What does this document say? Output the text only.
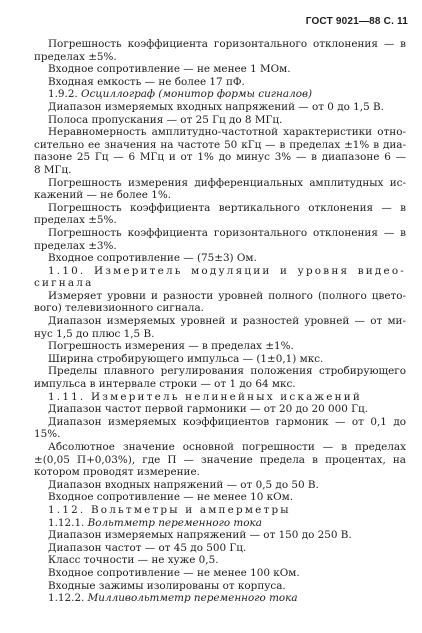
ГОСТ 9021—88 С. 11
Погрешность коэффициента горизонтального отклонения — в
пределах ±5%.
Входное сопротивление — не менее 1 МОм.
Входная емкость — не более 17 пФ.
1.9.2. Осциллограф (монитор формы сигналов)
Диапазон измеряемых входных напряжений — от 0 до 1,5 В.
Полоса пропускания — от 25 Гц до 8 МГц.
Неравномерность амплитудно-частотной характеристики отно-
сительно ее значения на частоте 50 кГц — в пределах ±1% в диа-
пазоне 25 Гц — 6 МГц и от 1% до минус 3% — в диапазоне 6 —
8 МГц.
Погрешность измерения дифференциальных амплитудных ис-
кажений — не более 1%.
Погрешность коэффициента вертикального отклонения — в
пределах ±5%.
Погрешность коэффициента горизонтального отклонения — в
пределах ±3%.
Входное сопротивление — (75±3) Ом.
1.10. Измеритель модуляции и уровня видео-
сигнала
Измеряет уровни и разности уровней полного (полного цвето-
вого) телевизионного сигнала.
Диапазон измеряемых уровней и разностей уровней — от ми-
нус 1,5 до плюс 1,5 В.
Погрешность измерения — в пределах ±1%.
Ширина стробирующего импульса — (1±0,1) мкс.
Пределы плавного регулирования положения стробирующего
импульса в интервале строки — от 1 до 64 мкс.
1.11. Измеритель нелинейных искажений
Диапазон частот первой гармоники — от 20 до 20 000 Гц.
Диапазон измеряемых коэффициентов гармоник — от 0,1 до
15%.
Абсолютное значение основной погрешности — в пределах
±(0,05 П+0,03%), где П — значение предела в процентах, на
котором проводят измерение.
Диапазон входных напряжений — от 0,5 до 50 В.
Входное сопротивление — не менее 10 кОм.
1.12. Вольтметры и амперметры
1.12.1. Вольтметр переменного тока
Диапазон измеряемых напряжений — от 150 до 250 В.
Диапазон частот — от 45 до 500 Гц.
Класс точности — не хуже 0,5.
Входное сопротивление — не менее 100 кОм.
Входные зажимы изолированы от корпуса.
1.12.2. Милливольтметр переменного тока
